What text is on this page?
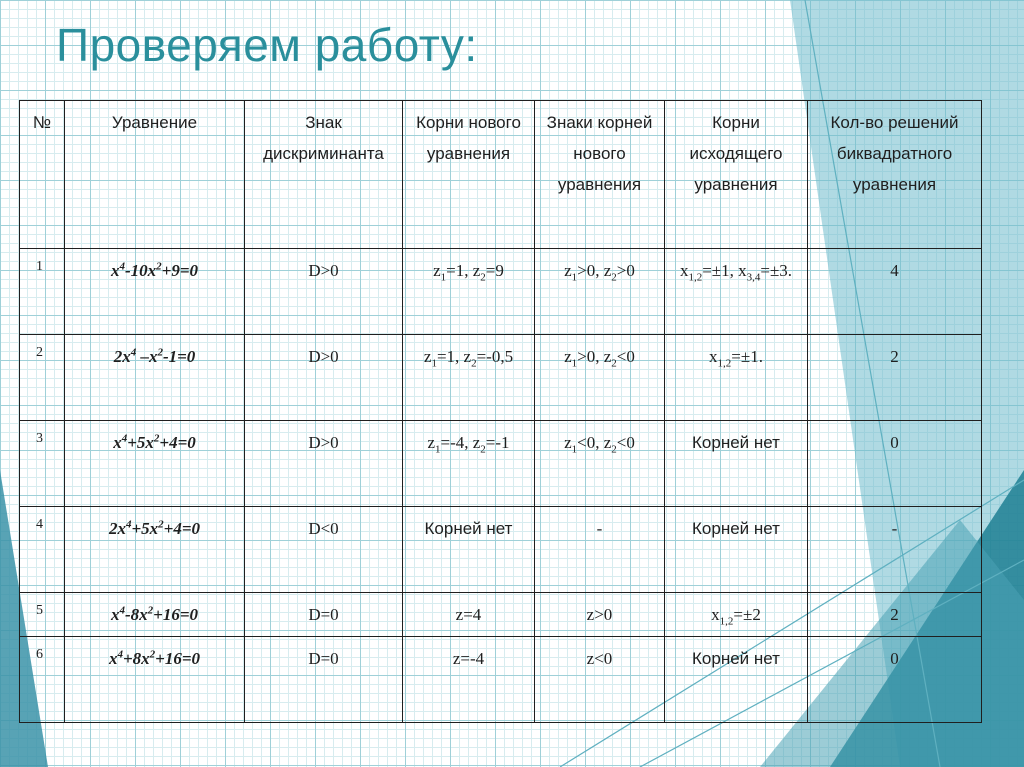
Проверяем работу:
№	Уравнение	Знак дискриминанта	Корни нового уравнения	Знаки корней нового уравнения	Корни исходящего уравнения	Кол-во решений биквадратного уравнения
1	$x^4-10x^2+9=0$	D>0	$z_1=1$, $z_2=9$	$z_1>0$, $z_2>0$	$x_{1,2}=\pm 1$, $x_{3,4}=\pm 3$.	4
2	$2x^4$ $-x^2-1=0$	D>0	$z_1=1$, $z_2=-0,5$	$z_1>0$, $z_2<0$	$x_{1,2}=\pm 1$.	2
3	$x^4+5x^2+4=0$	D>0	$z_1=-4$, $z_2=-1$	$z_1<0$, $z_2<0$	Корней нет	0
4	$2x^4+5x^2+4=0$	D<0	Корней нет	-	Корней нет	-
5	$x^4-8x^2+16=0$	D=0	z=4	z>0	$x_{1,2}=\pm 2$	2
6	$x^4+8x^2+16=0$	D=0	z=-4	z<0	Корней нет	0
